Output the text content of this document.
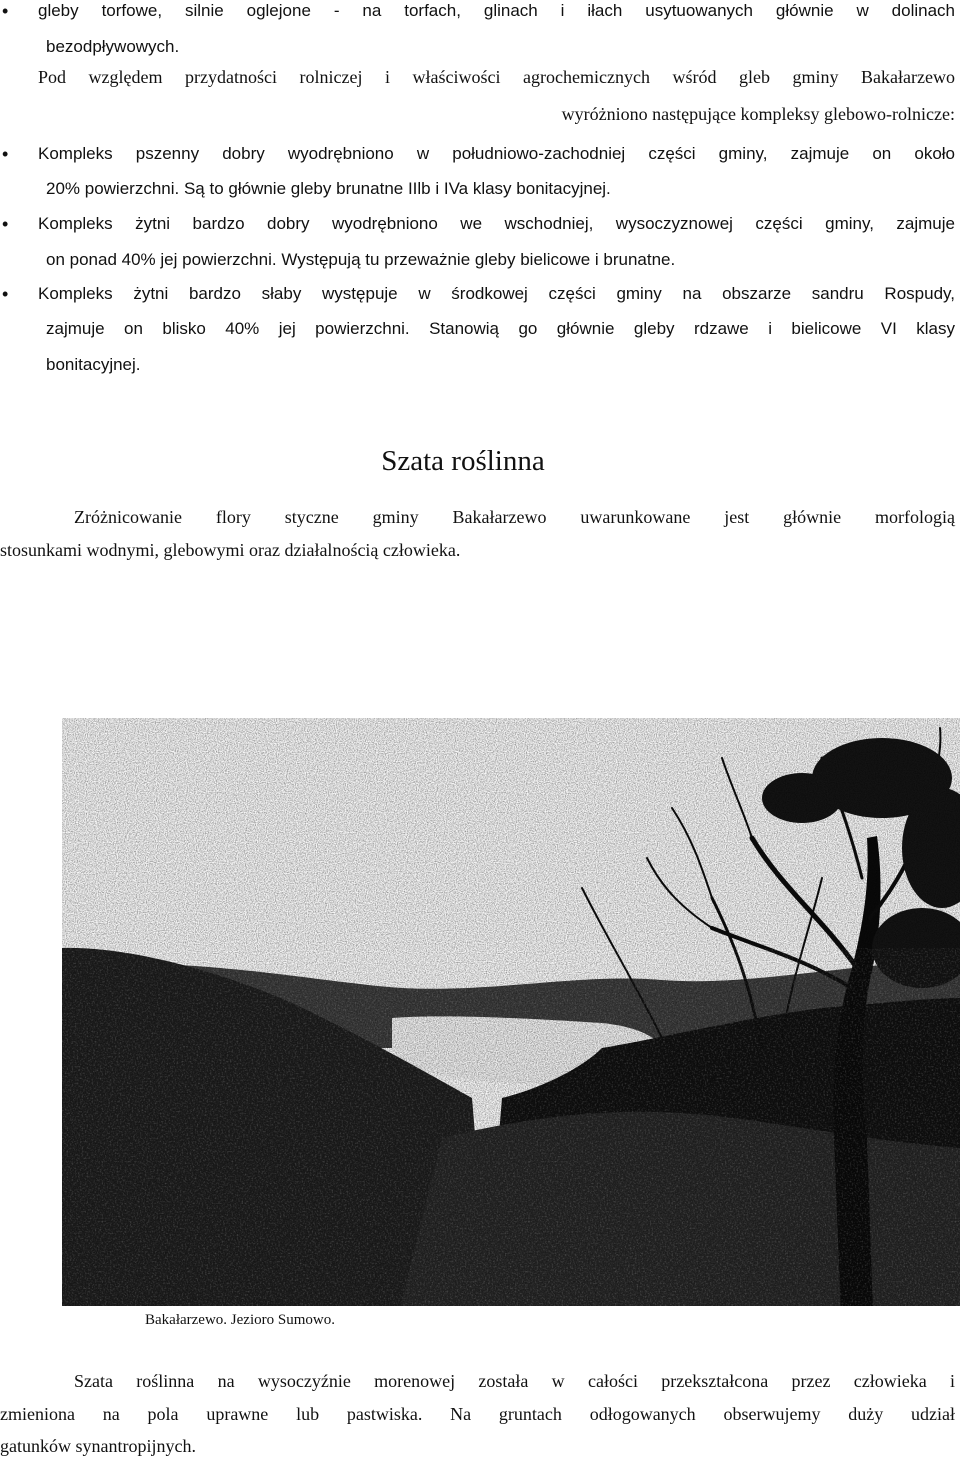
• gleby torfowe, silnie oglejone - na torfach, glinach i iłach usytuowanych głównie w dolinach
bezodpływowych.
Pod względem przydatności rolniczej i właściwości agrochemicznych wśród gleb gminy Bakałarzewo
wyróżniono następujące kompleksy glebowo-rolnicze:
• Kompleks pszenny dobry wyodrębniono w południowo-zachodniej części gminy, zajmuje on około
20% powierzchni. Są to głównie gleby brunatne IIlb i IVa klasy bonitacyjnej.
• Kompleks żytni bardzo dobry wyodrębniono we wschodniej, wysoczyznowej części gminy, zajmuje
on ponad 40% jej powierzchni. Występują tu przeważnie gleby bielicowe i brunatne.
• Kompleks żytni bardzo słaby występuje w środkowej części gminy na obszarze sandru Rospudy,
zajmuje on blisko 40% jej powierzchni. Stanowią go głównie gleby rdzawe i bielicowe VI klasy
bonitacyjnej.
Szata roślinna
Zróżnicowanie flory styczne gminy Bakałarzewo uwarunkowane jest głównie morfologią
stosunkami wodnymi, glebowymi oraz działalnością człowieka.
Bakałarzewo. Jezioro Sumowo.
Szata roślinna na wysoczyźnie morenowej została w całości przekształcona przez człowieka i
zmieniona na pola uprawne lub pastwiska. Na gruntach odłogowanych obserwujemy duży udział
gatunków synantropijnych.
